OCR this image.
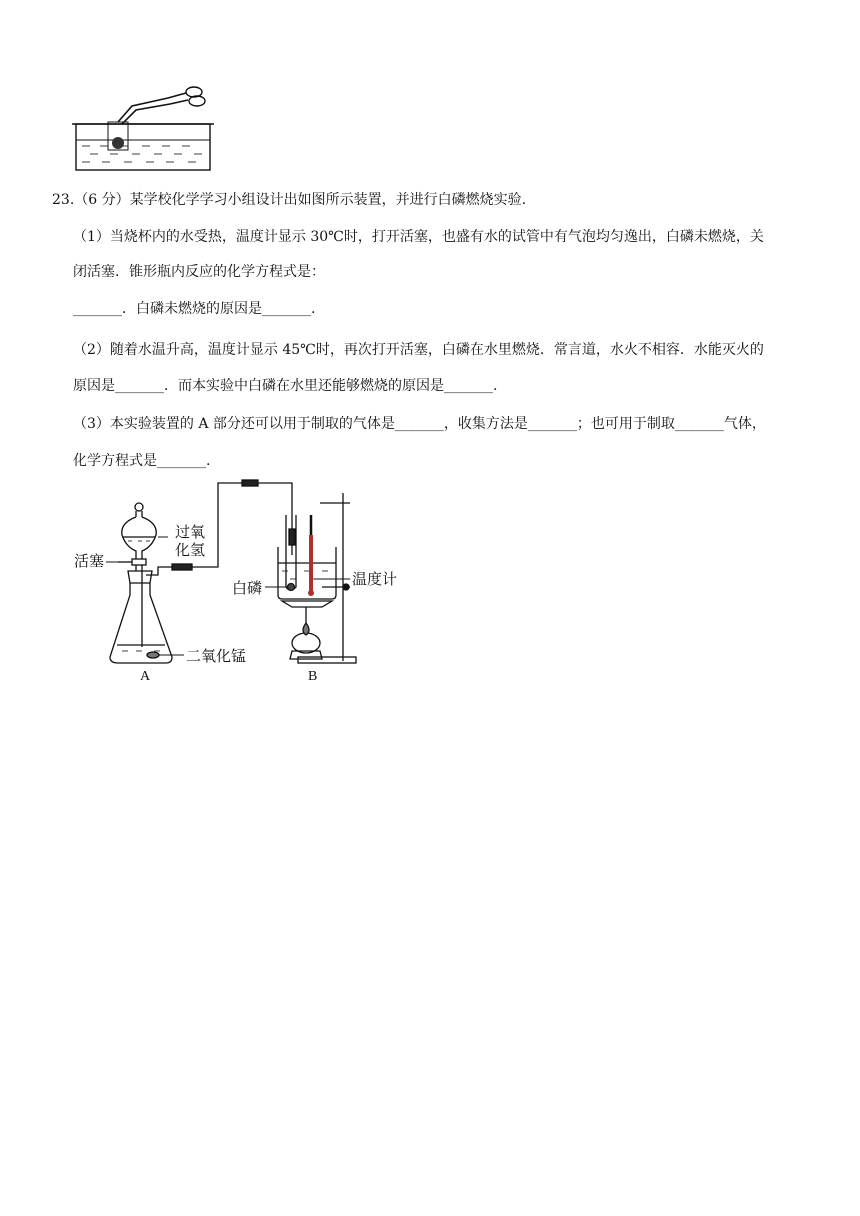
23.（6 分）某学校化学学习小组设计出如图所示装置，并进行白磷燃烧实验.
（1）当烧杯内的水受热，温度计显示 30℃时，打开活塞，也盛有水的试管中有气泡均匀逸出，白磷未燃烧，关
闭活塞．锥形瓶内反应的化学方程式是：
_______．白磷未燃烧的原因是_______.
（2）随着水温升高，温度计显示 45℃时，再次打开活塞，白磷在水里燃烧．常言道，水火不相容．水能灭火的
原因是_______．而本实验中白磷在水里还能够燃烧的原因是_______.
（3）本实验装置的 A 部分还可以用于制取的气体是_______，收集方法是_______；也可用于制取_______气体，
化学方程式是_______.
过氧
化氢
活塞
二氧化锰
白磷	温度计
A	B
